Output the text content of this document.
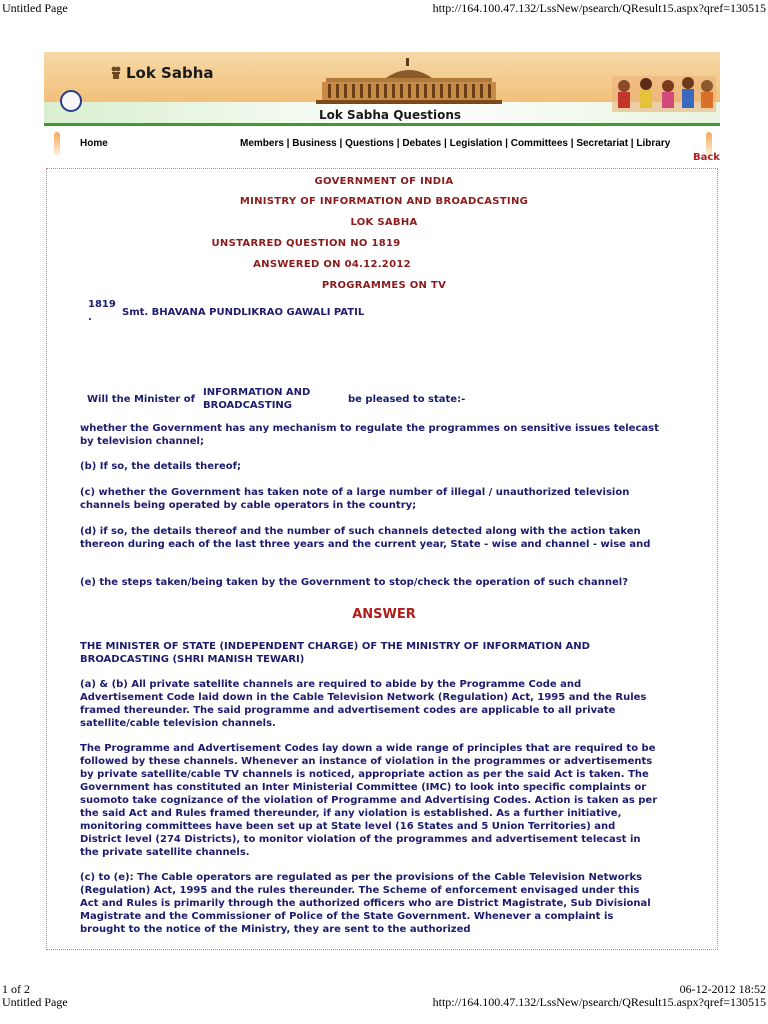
Untitled Page	http://164.100.47.132/LssNew/psearch/QResult15.aspx?qref=130515
Lok Sabha
Lok Sabha Questions
Home	Members | Business | Questions | Debates | Legislation | Committees | Secretariat | Library
Back
GOVERNMENT OF INDIA
MINISTRY OF INFORMATION AND BROADCASTING
LOK SABHA
UNSTARRED QUESTION NO 1819
ANSWERED ON 04.12.2012
PROGRAMMES ON TV
1819
.	Smt. BHAVANA PUNDLIKRAO GAWALI PATIL
Will the Minister of
INFORMATION AND
BROADCASTING
be pleased to state:-

whether the Government has any mechanism to regulate the programmes on sensitive issues telecast by television channel;

(b) If so, the details thereof;

(c) whether the Government has taken note of a large number of illegal / unauthorized television channels being operated by cable operators in the country;

(d) if so, the details thereof and the number of such channels detected along with the action taken thereon during each of the last three years and the current year, State - wise and channel - wise and

(e) the steps taken/being taken by the Government to stop/check the operation of such channel?

ANSWER

THE MINISTER OF STATE (INDEPENDENT CHARGE) OF THE MINISTRY OF INFORMATION AND BROADCASTING (SHRI MANISH TEWARI)

(a) & (b) All private satellite channels are required to abide by the Programme Code and Advertisement Code laid down in the Cable Television Network (Regulation) Act, 1995 and the Rules framed thereunder. The said programme and advertisement codes are applicable to all private satellite/cable television channels.

The Programme and Advertisement Codes lay down a wide range of principles that are required to be followed by these channels. Whenever an instance of violation in the programmes or advertisements by private satellite/cable TV channels is noticed, appropriate action as per the said Act is taken. The Government has constituted an Inter Ministerial Committee (IMC) to look into specific complaints or suomoto take cognizance of the violation of Programme and Advertising Codes. Action is taken as per the said Act and Rules framed thereunder, if any violation is established. As a further initiative, monitoring committees have been set up at State level (16 States and 5 Union Territories) and District level (274 Districts), to monitor violation of the programmes and advertisement telecast in the private satellite channels.

(c) to (e): The Cable operators are regulated as per the provisions of the Cable Television Networks (Regulation) Act, 1995 and the rules thereunder. The Scheme of enforcement envisaged under this Act and Rules is primarily through the authorized officers who are District Magistrate, Sub Divisional Magistrate and the Commissioner of Police of the State Government. Whenever a complaint is brought to the notice of the Ministry, they are sent to the authorized

1 of 2	06-12-2012 18:52
Untitled Page	http://164.100.47.132/LssNew/psearch/QResult15.aspx?qref=130515
